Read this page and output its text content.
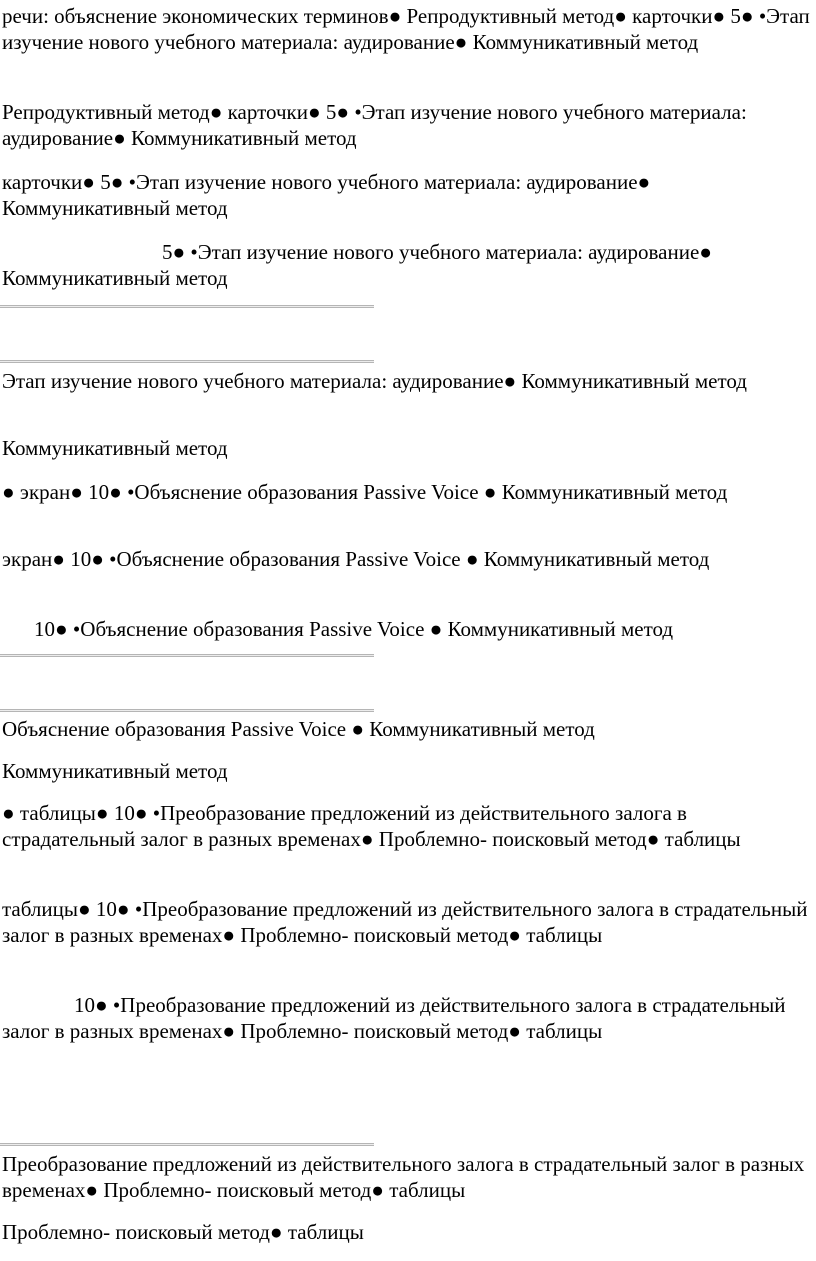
речи: объяснение экономических терминов● Репродуктивный метод● карточки● 5● •Этап изучение нового учебного материала: аудирование● Коммуникативный метод

Репродуктивный метод● карточки● 5● •Этап изучение нового учебного материала: аудирование● Коммуникативный метод

карточки● 5● •Этап изучение нового учебного материала: аудирование● Коммуникативный метод

5● •Этап изучение нового учебного материала: аудирование● Коммуникативный метод

Этап изучение нового учебного материала: аудирование● Коммуникативный метод

Коммуникативный метод

● экран● 10● •Объяснение образования Passive Voice ● Коммуникативный метод

экран● 10● •Объяснение образования Passive Voice ● Коммуникативный метод

10● •Объяснение образования Passive Voice ● Коммуникативный метод

Объяснение образования Passive Voice ● Коммуникативный метод

Коммуникативный метод

● таблицы● 10● •Преобразование предложений из действительного залога в страдательный залог в разных временах● Проблемно- поисковый метод● таблицы

таблицы● 10● •Преобразование предложений из действительного залога в страдательный залог в разных временах● Проблемно- поисковый метод● таблицы

10● •Преобразование предложений из действительного залога в страдательный залог в разных временах● Проблемно- поисковый метод● таблицы

Преобразование предложений из действительного залога в страдательный залог в разных временах● Проблемно- поисковый метод● таблицы

Проблемно- поисковый метод● таблицы
